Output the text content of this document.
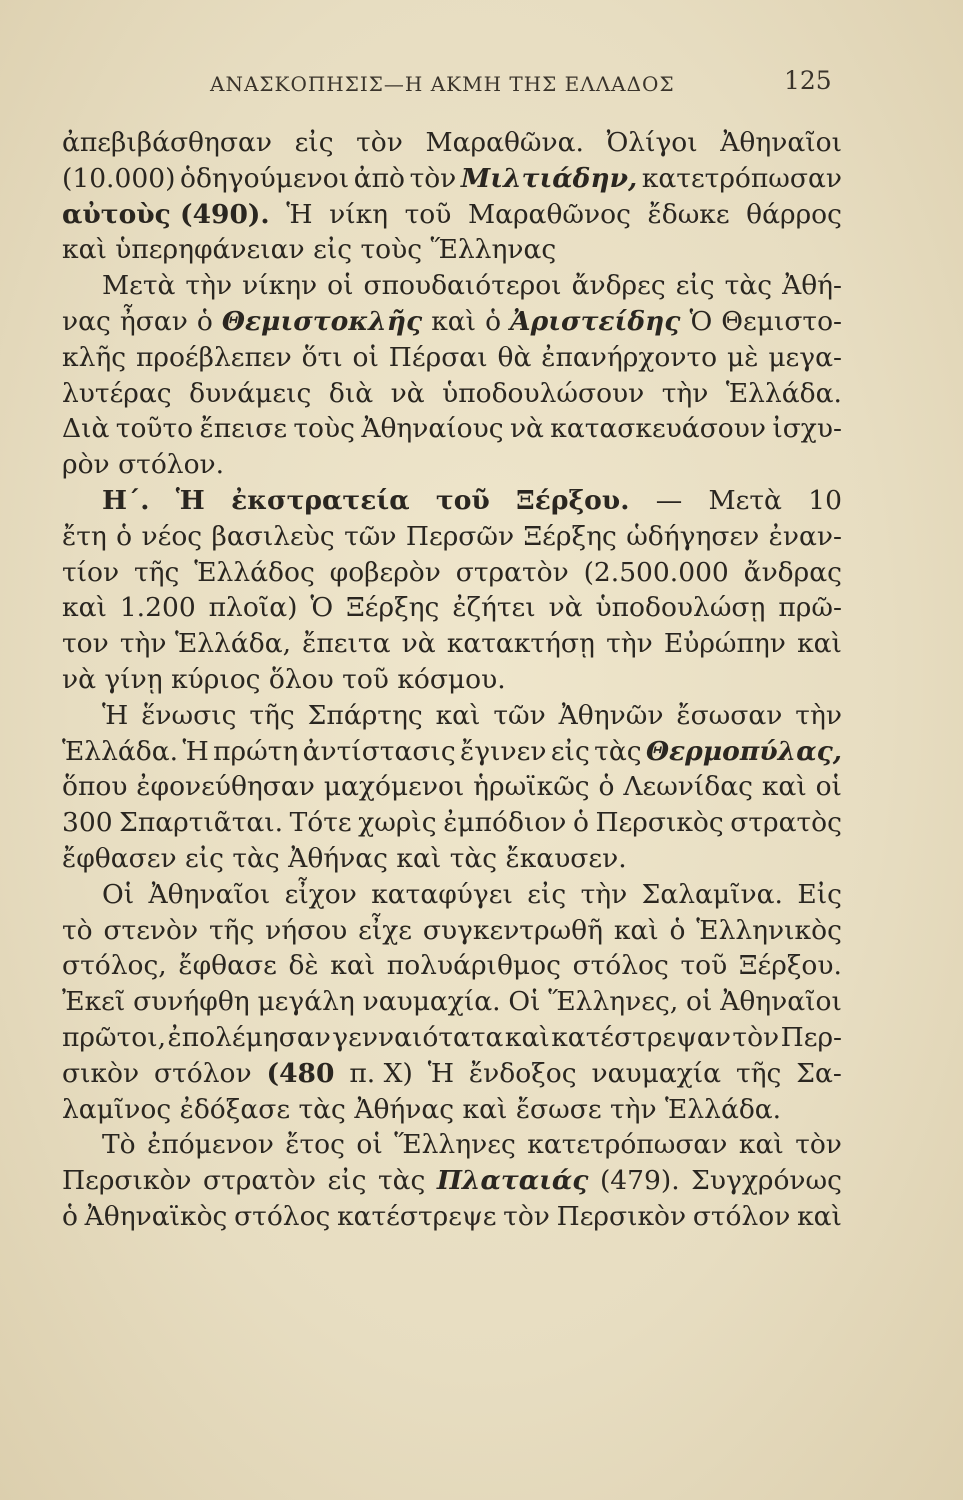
ΑΝΑΣΚΟΠΗΣΙΣ—Η ΑΚΜΗ ΤΗΣ ΕΛΛΑΔΟΣ	125
ἀπεβιβάσθησαν εἰς τὸν Μαραθῶνα. Ὀλίγοι Ἀθηναῖοι
(10.000) ὁδηγούμενοι ἀπὸ τὸν Μιλτιάδην, κατετρόπωσαν
αὐτοὺς (490). Ἡ νίκη τοῦ Μαραθῶνος ἔδωκε θάρρος
καὶ ὑπερηφάνειαν εἰς τοὺς Ἕλληνας
Μετὰ τὴν νίκην οἱ σπουδαιότεροι ἄνδρες εἰς τὰς Ἀθή-
νας ἦσαν ὁ Θεμιστοκλῆς καὶ ὁ Ἀριστείδης Ὁ Θεμιστο-
κλῆς προέβλεπεν ὅτι οἱ Πέρσαι θὰ ἐπανήρχοντο μὲ μεγα-
λυτέρας δυνάμεις διὰ νὰ ὑποδουλώσουν τὴν Ἑλλάδα.
Διὰ τοῦτο ἔπεισε τοὺς Ἀθηναίους νὰ κατασκευάσουν ἰσχυ-
ρὸν στόλον.
Η΄. Ἡ ἐκστρατεία τοῦ Ξέρξου. — Μετὰ 10
ἔτη ὁ νέος βασιλεὺς τῶν Περσῶν Ξέρξης ὡδήγησεν ἐναν-
τίον τῆς Ἑλλάδος φοβερὸν στρατὸν (2.500.000 ἄνδρας
καὶ 1.200 πλοῖα) Ὁ Ξέρξης ἐζήτει νὰ ὑποδουλώσῃ πρῶ-
τον τὴν Ἑλλάδα, ἔπειτα νὰ κατακτήσῃ τὴν Εὐρώπην καὶ
νὰ γίνῃ κύριος ὅλου τοῦ κόσμου.
Ἡ ἕνωσις τῆς Σπάρτης καὶ τῶν Ἀθηνῶν ἔσωσαν τὴν
Ἑλλάδα. Ἡ πρώτη ἀντίστασις ἔγινεν εἰς τὰς Θερμοπύλας,
ὅπου ἐφονεύθησαν μαχόμενοι ἡρωϊκῶς ὁ Λεωνίδας καὶ οἱ
300 Σπαρτιᾶται. Τότε χωρὶς ἐμπόδιον ὁ Περσικὸς στρατὸς
ἔφθασεν εἰς τὰς Ἀθήνας καὶ τὰς ἔκαυσεν.
Οἱ Ἀθηναῖοι εἶχον καταφύγει εἰς τὴν Σαλαμῖνα. Εἰς
τὸ στενὸν τῆς νήσου εἶχε συγκεντρωθῆ καὶ ὁ Ἑλληνικὸς
στόλος, ἔφθασε δὲ καὶ πολυάριθμος στόλος τοῦ Ξέρξου.
Ἐκεῖ συνήφθη μεγάλη ναυμαχία. Οἱ Ἕλληνες, οἱ Ἀθηναῖοι
πρῶτοι, ἐπολέμησαν γενναιότατα καὶ κατέστρεψαν τὸν Περ-
σικὸν στόλον (480 π. Χ) Ἡ ἔνδοξος ναυμαχία τῆς Σα-
λαμῖνος ἐδόξασε τὰς Ἀθήνας καὶ ἔσωσε τὴν Ἑλλάδα.
Τὸ ἐπόμενον ἔτος οἱ Ἕλληνες κατετρόπωσαν καὶ τὸν
Περσικὸν στρατὸν εἰς τὰς Πλαταιάς (479). Συγχρόνως
ὁ Ἀθηναϊκὸς στόλος κατέστρεψε τὸν Περσικὸν στόλον καὶ
